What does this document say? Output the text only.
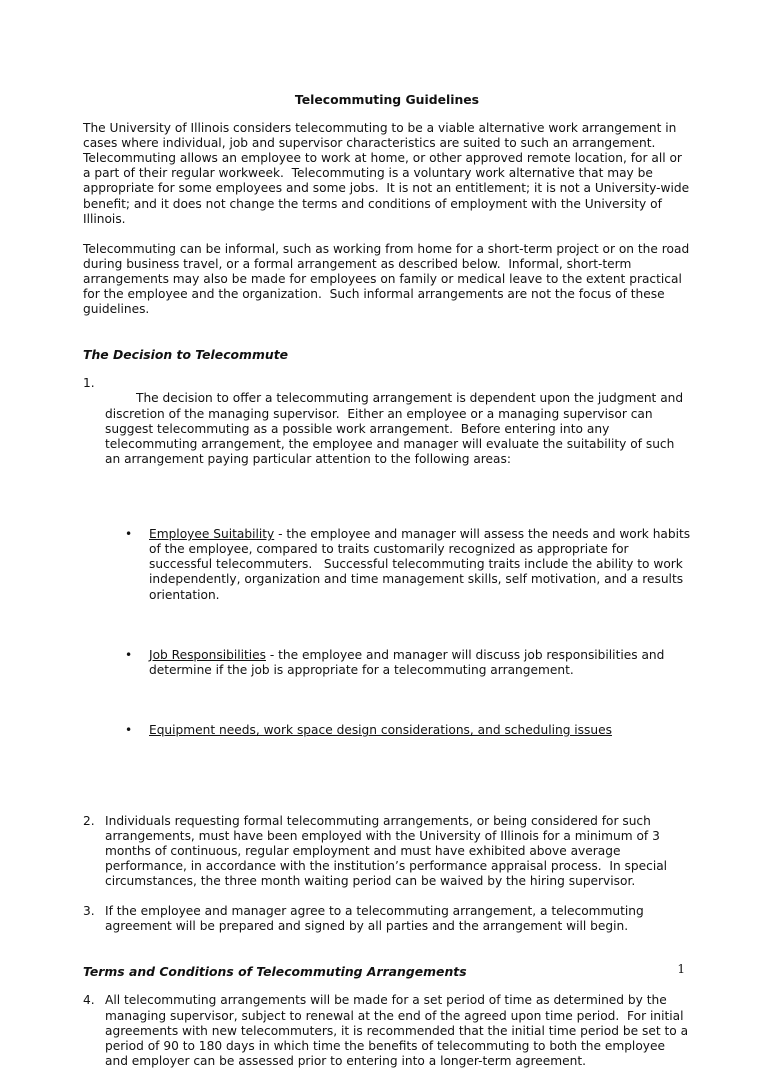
Telecommuting Guidelines

The University of Illinois considers telecommuting to be a viable alternative work arrangement in cases where individual, job and supervisor characteristics are suited to such an arrangement.  Telecommuting allows an employee to work at home, or other approved remote location, for all or a part of their regular workweek.  Telecommuting is a voluntary work alternative that may be appropriate for some employees and some jobs.  It is not an entitlement; it is not a University-wide benefit; and it does not change the terms and conditions of employment with the University of Illinois.

Telecommuting can be informal, such as working from home for a short-term project or on the road during business travel, or a formal arrangement as described below.  Informal, short-term arrangements may also be made for employees on family or medical leave to the extent practical for the employee and the organization.  Such informal arrangements are not the focus of these guidelines.

The Decision to Telecommute
1.

The decision to offer a telecommuting arrangement is dependent upon the judgment and discretion of the managing supervisor.  Either an employee or a managing supervisor can suggest telecommuting as a possible work arrangement.  Before entering into any telecommuting arrangement, the employee and manager will evaluate the suitability of such an arrangement paying particular attention to the following areas:

•	Employee Suitability - the employee and manager will assess the needs and work habits of the employee, compared to traits customarily recognized as appropriate for successful telecommuters.   Successful telecommuting traits include the ability to work independently, organization and time management skills, self motivation, and a results orientation.

•	Job Responsibilities - the employee and manager will discuss job responsibilities and determine if the job is appropriate for a telecommuting arrangement.

•	Equipment needs, work space design considerations, and scheduling issues

2. Individuals requesting formal telecommuting arrangements, or being considered for such arrangements, must have been employed with the University of Illinois for a minimum of 3 months of continuous, regular employment and must have exhibited above average performance, in accordance with the institution’s performance appraisal process.  In special circumstances, the three month waiting period can be waived by the hiring supervisor.
3. If the employee and manager agree to a telecommuting arrangement, a telecommuting agreement will be prepared and signed by all parties and the arrangement will begin.
Terms and Conditions of Telecommuting Arrangements
4. All telecommuting arrangements will be made for a set period of time as determined by the managing supervisor, subject to renewal at the end of the agreed upon time period.  For initial agreements with new telecommuters, it is recommended that the initial time period be set to a period of 90 to 180 days in which time the benefits of telecommuting to both the employee and employer can be assessed prior to entering into a longer-term agreement.
1
